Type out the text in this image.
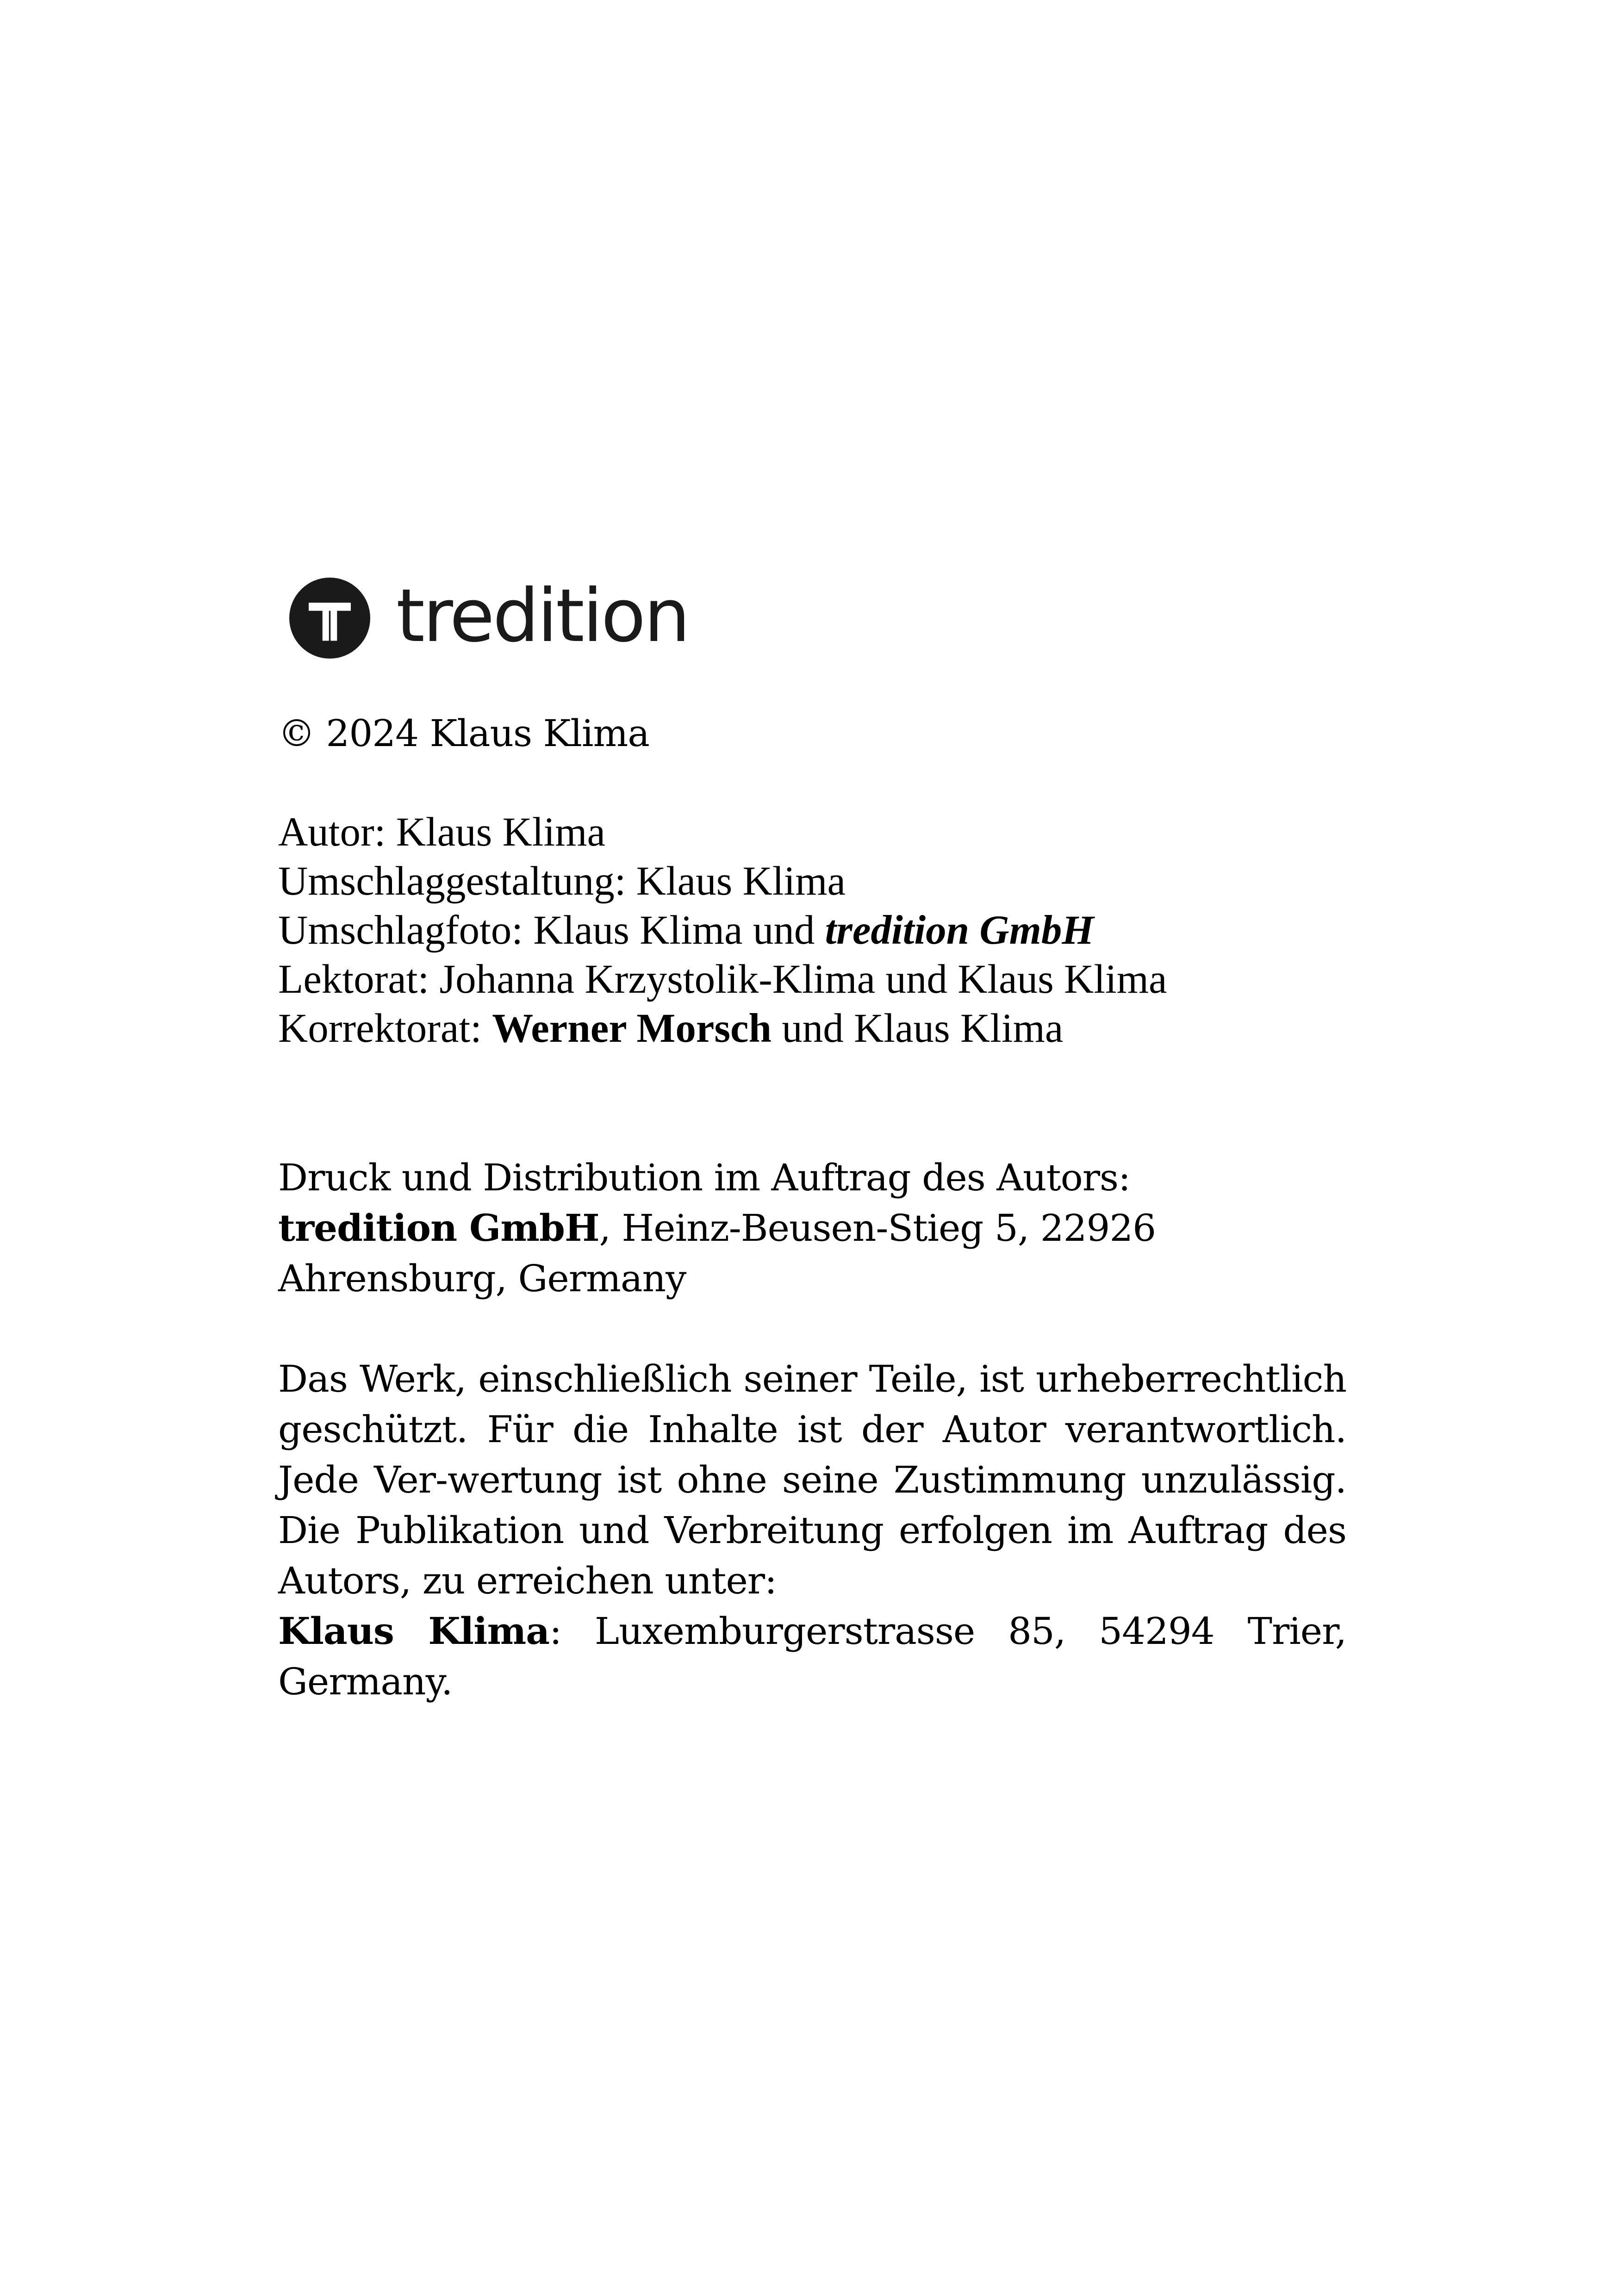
tredition
© 2024 Klaus Klima
Autor: Klaus Klima
Umschlaggestaltung: Klaus Klima
Umschlagfoto: Klaus Klima und tredition GmbH
Lektorat: Johanna Krzystolik-Klima und Klaus Klima
Korrektorat: Werner Morsch und Klaus Klima
Druck und Distribution im Auftrag des Autors:
tredition GmbH, Heinz-Beusen-Stieg 5, 22926
Ahrensburg, Germany
Das Werk, einschließlich seiner Teile, ist urheberrechtlich
geschützt. Für die Inhalte ist der Autor verantwortlich.
Jede Ver-wertung ist ohne seine Zustimmung unzulässig.
Die Publikation und Verbreitung erfolgen im Auftrag des
Autors, zu erreichen unter:
Klaus Klima: Luxemburgerstrasse 85, 54294 Trier,
Germany.
